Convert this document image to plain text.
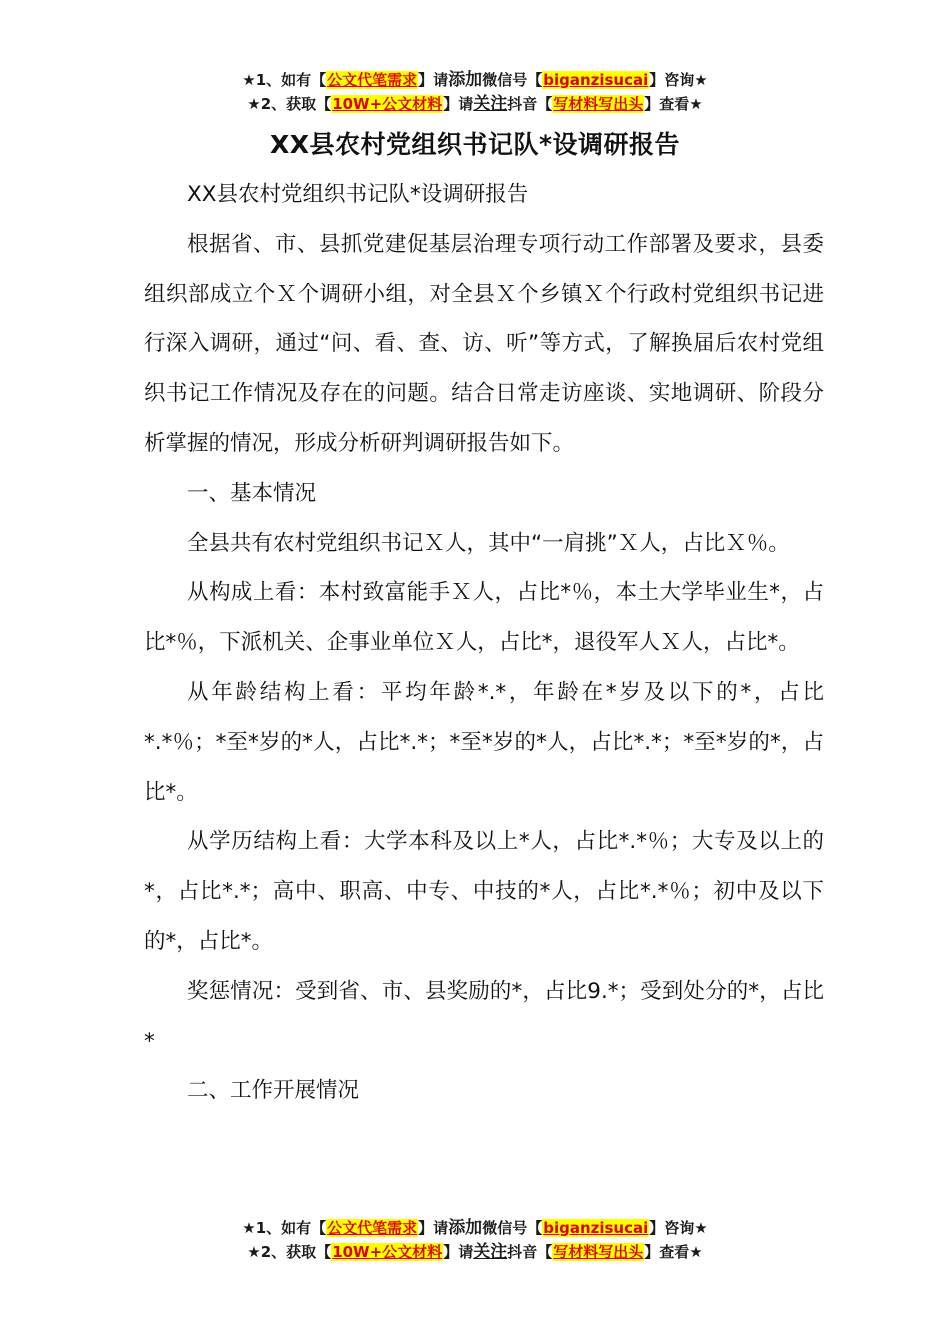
★1、如有【公文代笔需求】请添加微信号【biganzisucai】咨询★
★2、获取【10W+公文材料】请关注抖音【写材料写出头】查看★
XX县农村党组织书记队*设调研报告

XX县农村党组织书记队*设调研报告

根据省、市、县抓党建促基层治理专项行动工作部署及要求，县委组织部成立个Ｘ个调研小组，对全县Ｘ个乡镇Ｘ个行政村党组织书记进行深入调研，通过“问、看、查、访、听”等方式，了解换届后农村党组织书记工作情况及存在的问题。结合日常走访座谈、实地调研、阶段分析掌握的情况，形成分析研判调研报告如下。

一、基本情况

全县共有农村党组织书记Ｘ人，其中“一肩挑”Ｘ人，占比Ｘ％。

从构成上看：本村致富能手Ｘ人，占比*％，本土大学毕业生*，占比*％，下派机关、企事业单位Ｘ人，占比*，退役军人Ｘ人，占比*。

从年龄结构上看：平均年龄*.*，年龄在*岁及以下的*，占比*.*％；*至*岁的*人，占比*.*；*至*岁的*人，占比*.*；*至*岁的*，占比*。

从学历结构上看：大学本科及以上*人，占比*.*％；大专及以上的*，占比*.*；高中、职高、中专、中技的*人，占比*.*％；初中及以下的*，占比*。

奖惩情况：受到省、市、县奖励的*，占比9.*；受到处分的*，占比*

二、工作开展情况

★1、如有【公文代笔需求】请添加微信号【biganzisucai】咨询★
★2、获取【10W+公文材料】请关注抖音【写材料写出头】查看★
